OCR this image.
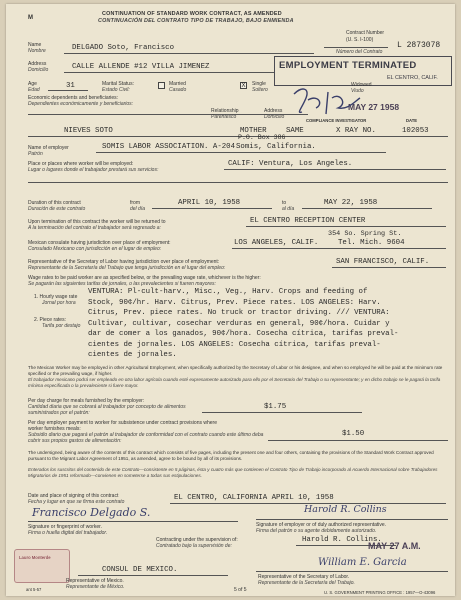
M
CONTINUATION OF STANDARD WORK CONTRACT, AS AMENDED
CONTINUACIÓN DEL CONTRATO TIPO DE TRABAJO, BAJO ENMIENDA
Contract Number
(U. S. I-100)
Número del Contrato
L 2873078
Name
Nombre	DELGADO Soto, Francisco
Address
Domicilio	CALLE ALLENDE #12 VILLA JIMENEZ	EMPLOYMENT TERMINATED
EL CENTRO, CALIF.
MAY 27 1958
COMPLIANCE INVESTIGATOR	DATE
Age
Edad	31	Marital Status:
Estado Civil:
Married
Casado
X	Single
Soltero
Widowed
Viudo
Economic dependents and beneficiaries:
Dependientes económicamente y beneficiarios:
Relationship
Parentesco
Address
Domicilio
NIEVES SOTO	MOTHER	SAME	X RAY NO.	102053
P.O. Box 386
Name of employer
Patrón
SOMIS LABOR ASSOCIATION. A-204 Somis, California.
Place or places where worker will be employed:
Lugar o lugares donde el trabajador prestará sus servicios:
CALIF: Ventura, Los Angeles.
Duration of this contract
Duración de este contrato
from
del día
APRIL 10, 1958	to
al día
MAY 22, 1958
Upon termination of this contract the worker will be returned to
A la terminación del contrato el trabajador será regresado a:
EL CENTRO RECEPTION CENTER
354 So. Spring St.
Mexican consulate having jurisdiction over place of employment:
Consulado Mexicano con jurisdicción en el lugar de empleo:
LOS ANGELES, CALIF.	Tel. Mich. 9604
Representative of the Secretary of Labor having jurisdiction over place of employment:
Representante de la Secretaría del Trabajo que tenga jurisdicción en el lugar del empleo:
SAN FRANCISCO, CALIF.
Wage rates to be paid worker are as specified below, or the prevailing wage rate, whichever is the higher:
Se pagarán las siguientes tarifas de jornales, o las prevalecientes si fueren mayores:
1. Hourly wage rate
Jornal por hora
2. Piece rates:
Tarifa por destajo
VENTURA: Pl-cult-harv., Misc., Veg., Harv. Crops and feeding of
Stock, 90¢/hr. Harv. Citrus, Prev. Piece rates. LOS ANGELES: Harv.
Citrus, Prev. piece rates. No truck or tractor driving. /// VENTURA:
Cultivar, cultivar, cosechar verduras en general, 90¢/hora. Cuidar y
dar de comer a los ganados, 90¢/hora. Cosecha cítrica, tarifas preval-
cientes de jornales. LOS ANGELES: Cosecha cítrica, tarifas preval-
cientes de jornales.
The Mexican Worker may be employed in other Agricultural Employment, when specifically authorized by the Secretary of Labor or his designee, and when so employed he will be paid at the minimum rate specified or the prevailing wage, if higher.
El trabajador mexicano podrá ser empleado en otra labor agrícola cuando esté expresamente autorizado para ello por el Secretario del Trabajo o su representante; y en dicho trabajo se le pagará la tarifa mínima especificada o la prevaleciente si fuere mayor.
Per day charge for meals furnished by the employer:
Cantidad diaria que se cobrará al trabajador por concepto de alimentos suministrados por el patrón:
$1.75
Per day employer payment to worker for subsistence under contract provisions where worker furnishes meals:
Subsidio diario que pagará el patrón al trabajador de conformidad con el contrato cuando este último deba cubrir sus propios gastos de alimentación:
$1.50
The undersigned, being aware of the contents of this contract which consists of five pages, including the present one and four others, containing the provisions of the Standard Work Contract approved pursuant to the Migrant Labor Agreement of 1951, as amended, agree to be bound by all of its provisions.
Enterados los suscritos del contenido de este Contrato—consistente en 5 páginas, ésta y cuatro más que contienen el Contrato Tipo de Trabajo incorporado al Acuerdo Internacional sobre Trabajadores Migratorios de 1951 reformado—convienen en someterse a todas sus estipulaciones.
Date and place of signing of this contract
Fecha y lugar en que se firma este contrato	EL CENTRO, CALIFORNIA APRIL 10, 1958
Francisco Delgado S.
Signature or fingerprint of worker.
Firma o huella digital del trabajador.
Harold R. Collins
Signature of employer or of duly authorized representative.
Firma del patrón o su agente debidamente autorizado.
Contracting under the supervision of:
Contratado bajo la supervisión de:
Harold R. Collins.
MAY 27 A.M.
Lauro Monterde
CONSUL DE MEXICO.
Representative of Mexico.
Representante de México.
ant 5-57
William E. Garcia
Representative of the Secretary of Labor.
Representante de la Secretaría del Trabajo.
5 of 5	U. S. GOVERNMENT PRINTING OFFICE : 1957—O-43096
